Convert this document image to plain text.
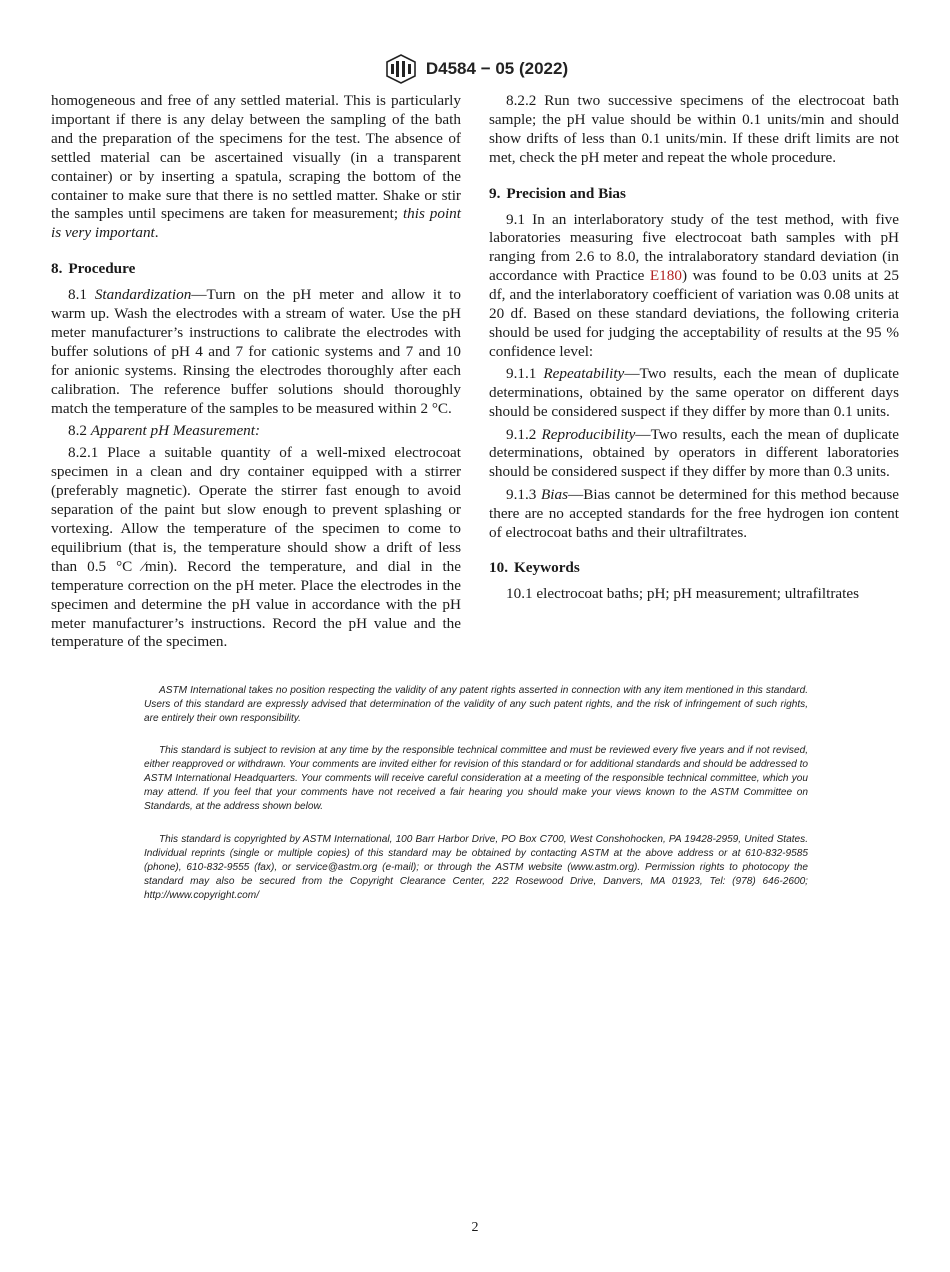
D4584 − 05 (2022)

homogeneous and free of any settled material. This is particularly important if there is any delay between the sampling of the bath and the preparation of the specimens for the test. The absence of settled material can be ascertained visually (in a transparent container) or by inserting a spatula, scraping the bottom of the container to make sure that there is no settled matter. Shake or stir the samples until specimens are taken for measurement; this point is very important.

8. Procedure

8.1 Standardization—Turn on the pH meter and allow it to warm up. Wash the electrodes with a stream of water. Use the pH meter manufacturer’s instructions to calibrate the electrodes with buffer solutions of pH 4 and 7 for cationic systems and 7 and 10 for anionic systems. Rinsing the electrodes thoroughly after each calibration. The reference buffer solutions should thoroughly match the temperature of the samples to be measured within 2 °C.

8.2 Apparent pH Measurement:

8.2.1 Place a suitable quantity of a well-mixed electrocoat specimen in a clean and dry container equipped with a stirrer (preferably magnetic). Operate the stirrer fast enough to avoid separation of the paint but slow enough to prevent splashing or vortexing. Allow the temperature of the specimen to come to equilibrium (that is, the temperature should show a drift of less than 0.5 °C ⁄min). Record the temperature, and dial in the temperature correction on the pH meter. Place the electrodes in the specimen and determine the pH value in accordance with the pH meter manufacturer’s instructions. Record the pH value and the temperature of the specimen.

8.2.2 Run two successive specimens of the electrocoat bath sample; the pH value should be within 0.1 units/min and should show drifts of less than 0.1 units/min. If these drift limits are not met, check the pH meter and repeat the whole procedure.

9. Precision and Bias

9.1 In an interlaboratory study of the test method, with five laboratories measuring five electrocoat bath samples with pH ranging from 2.6 to 8.0, the intralaboratory standard deviation (in accordance with Practice E180) was found to be 0.03 units at 25 df, and the interlaboratory coefficient of variation was 0.08 units at 20 df. Based on these standard deviations, the following criteria should be used for judging the acceptability of results at the 95 % confidence level:

9.1.1 Repeatability—Two results, each the mean of duplicate determinations, obtained by the same operator on different days should be considered suspect if they differ by more than 0.1 units.

9.1.2 Reproducibility—Two results, each the mean of duplicate determinations, obtained by operators in different laboratories should be considered suspect if they differ by more than 0.3 units.

9.1.3 Bias—Bias cannot be determined for this method because there are no accepted standards for the free hydrogen ion content of electrocoat baths and their ultrafiltrates.

10. Keywords

10.1 electrocoat baths; pH; pH measurement; ultrafiltrates

ASTM International takes no position respecting the validity of any patent rights asserted in connection with any item mentioned in this standard. Users of this standard are expressly advised that determination of the validity of any such patent rights, and the risk of infringement of such rights, are entirely their own responsibility.

This standard is subject to revision at any time by the responsible technical committee and must be reviewed every five years and if not revised, either reapproved or withdrawn. Your comments are invited either for revision of this standard or for additional standards and should be addressed to ASTM International Headquarters. Your comments will receive careful consideration at a meeting of the responsible technical committee, which you may attend. If you feel that your comments have not received a fair hearing you should make your views known to the ASTM Committee on Standards, at the address shown below.

This standard is copyrighted by ASTM International, 100 Barr Harbor Drive, PO Box C700, West Conshohocken, PA 19428-2959, United States. Individual reprints (single or multiple copies) of this standard may be obtained by contacting ASTM at the above address or at 610-832-9585 (phone), 610-832-9555 (fax), or service@astm.org (e-mail); or through the ASTM website (www.astm.org). Permission rights to photocopy the standard may also be secured from the Copyright Clearance Center, 222 Rosewood Drive, Danvers, MA 01923, Tel: (978) 646-2600; http://www.copyright.com/

2
